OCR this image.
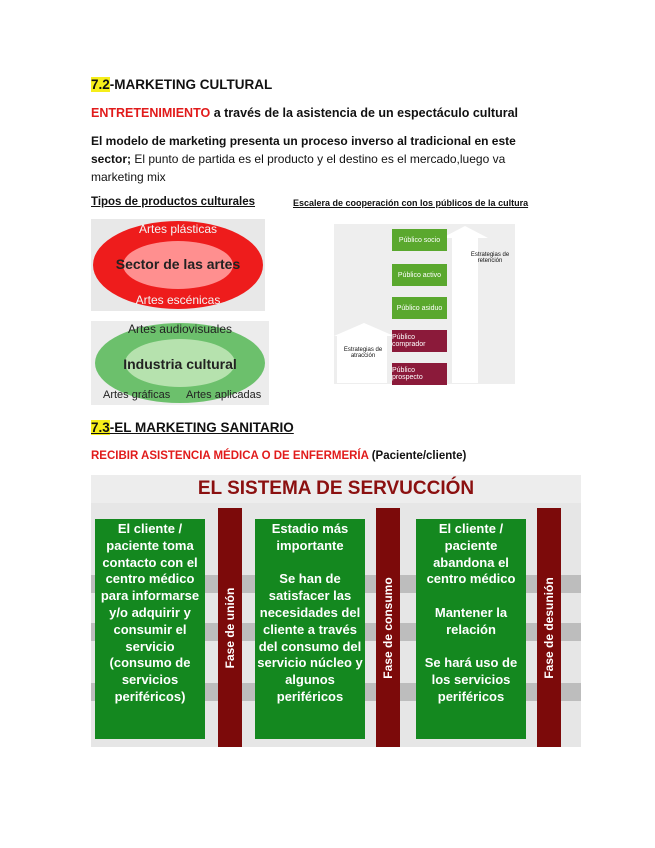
7.2-MARKETING CULTURAL
ENTRETENIMIENTO a través de la asistencia de un espectáculo cultural
El modelo de marketing presenta un proceso inverso al tradicional en este sector; El punto de partida es el producto y el destino es el mercado,luego va marketing mix
Tipos de productos culturales	Escalera de cooperación con los públicos de la cultura
Artes plásticas
Sector de las artes
Artes escénicas
Artes audiovisuales
Industria cultural
Artes gráficas Artes aplicadas
Estrategias de retención
Estrategias de atracción
Público socio
Público activo
Público asiduo
Público comprador
Público prospecto
7.3-EL MARKETING SANITARIO
RECIBIR ASISTENCIA MÉDICA O DE ENFERMERÍA (Paciente/cliente)
EL SISTEMA DE SERVUCCIÓN
El cliente / paciente toma contacto con el centro médico para informarse y/o adquirir y consumir el servicio (consumo de servicios periféricos)
Fase de unión
Estadio más importante

Se han de satisfacer las necesidades del cliente a través del consumo del servicio núcleo y algunos periféricos
Fase de consumo
El cliente / paciente abandona el centro médico

Mantener la relación

Se hará uso de los servicios periféricos
Fase de desunión
